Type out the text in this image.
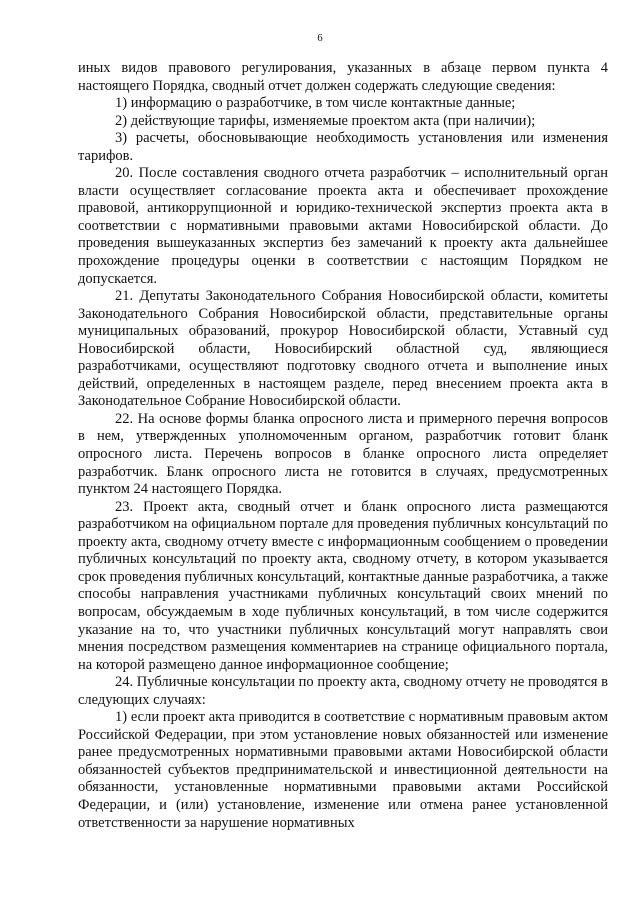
6

иных видов правового регулирования, указанных в абзаце первом пункта 4 настоящего Порядка, сводный отчет должен содержать следующие сведения:

1) информацию о разработчике, в том числе контактные данные;

2) действующие тарифы, изменяемые проектом акта (при наличии);

3) расчеты, обосновывающие необходимость установления или изменения тарифов.

20. После составления сводного отчета разработчик – исполнительный орган власти осуществляет согласование проекта акта и обеспечивает прохождение правовой, антикоррупционной и юридико-технической экспертиз проекта акта в соответствии с нормативными правовыми актами Новосибирской области. До проведения вышеуказанных экспертиз без замечаний к проекту акта дальнейшее прохождение процедуры оценки в соответствии с настоящим Порядком не допускается.

21. Депутаты Законодательного Собрания Новосибирской области, комитеты Законодательного Собрания Новосибирской области, представительные органы муниципальных образований, прокурор Новосибирской области, Уставный суд Новосибирской области, Новосибирский областной суд, являющиеся разработчиками, осуществляют подготовку сводного отчета и выполнение иных действий, определенных в настоящем разделе, перед внесением проекта акта в Законодательное Собрание Новосибирской области.

22. На основе формы бланка опросного листа и примерного перечня вопросов в нем, утвержденных уполномоченным органом, разработчик готовит бланк опросного листа. Перечень вопросов в бланке опросного листа определяет разработчик. Бланк опросного листа не готовится в случаях, предусмотренных пунктом 24 настоящего Порядка.

23. Проект акта, сводный отчет и бланк опросного листа размещаются разработчиком на официальном портале для проведения публичных консультаций по проекту акта, сводному отчету вместе с информационным сообщением о проведении публичных консультаций по проекту акта, сводному отчету, в котором указывается срок проведения публичных консультаций, контактные данные разработчика, а также способы направления участниками публичных консультаций своих мнений по вопросам, обсуждаемым в ходе публичных консультаций, в том числе содержится указание на то, что участники публичных консультаций могут направлять свои мнения посредством размещения комментариев на странице официального портала, на которой размещено данное информационное сообщение;

24. Публичные консультации по проекту акта, сводному отчету не проводятся в следующих случаях:

1) если проект акта приводится в соответствие с нормативным правовым актом Российской Федерации, при этом установление новых обязанностей или изменение ранее предусмотренных нормативными правовыми актами Новосибирской области обязанностей субъектов предпринимательской и инвестиционной деятельности на обязанности, установленные нормативными правовыми актами Российской Федерации, и (или) установление, изменение или отмена ранее установленной ответственности за нарушение нормативных
